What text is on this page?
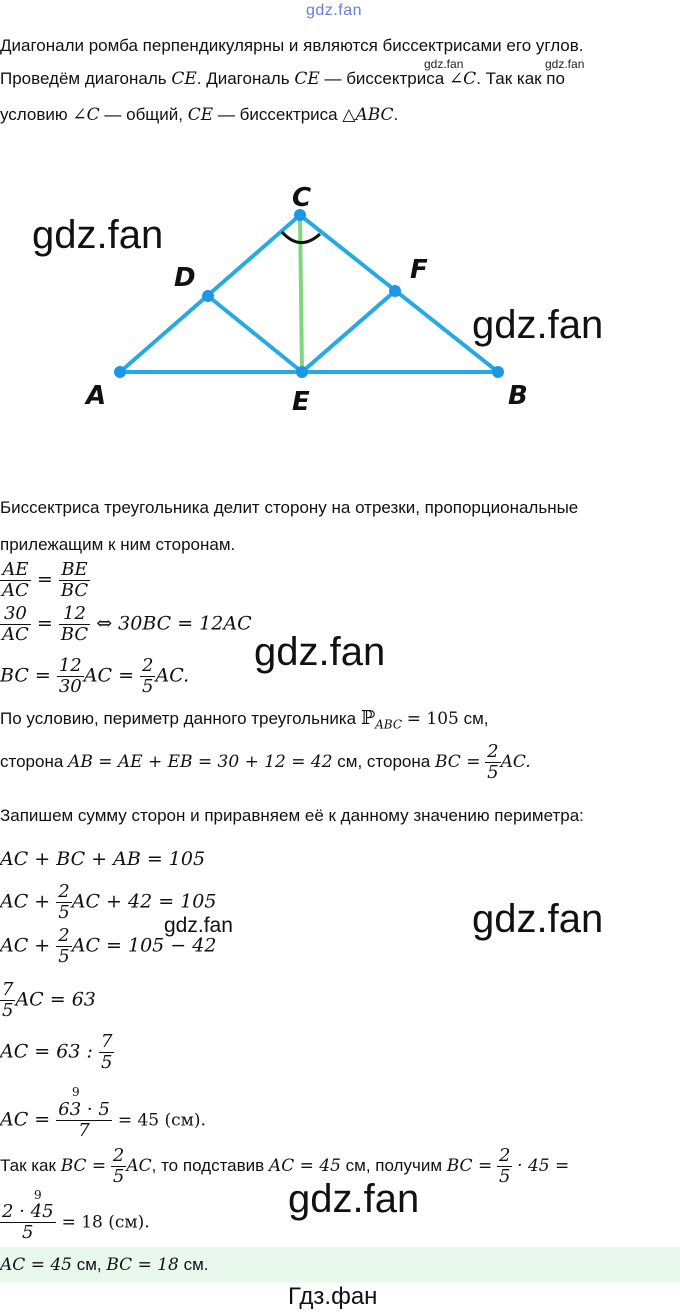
gdz.fan
Диагонали ромба перпендикулярны и являются биссектрисами его углов.
gdz.fan	gdz.fan
Проведём диагональ CE. Диагональ CE — биссектриса ∠C. Так как по
условию ∠C — общий, CE — биссектриса △ABC.
C
D	F
A	E	B
gdz.fan
gdz.fan
Биссектриса треугольника делит сторону на отрезки, пропорциональные
прилежащим к ним сторонам.
$\frac{AE}{AC} = \frac{BE}{BC}$
$\frac{30}{AC} = \frac{12}{BC}$ ⇔ 30BC = 12AC
gdz.fan
BC = $\frac{12}{30}$ AC = $\frac{2}{5}$ AC.
По условию, периметр данного треугольника ℙ$_{ABC}$ = 105 см,
сторона AB = AE + EB = 30 + 12 = 42 см, сторона BC = $\frac{2}{5}$ AC.
Запишем сумму сторон и приравняем её к данному значению периметра:
AC + BC + AB = 105
AC + $\frac{2}{5}$ AC + 42 = 105
gdz.fan	gdz.fan
AC + $\frac{2}{5}$ AC = 105 − 42
$\frac{7}{5}$ AC = 63
AC = 63 : $\frac{7}{5}$
9
AC = $\frac{63 \cdot 5}{7} = 45$ (см).
Так как BC = $\frac{2}{5}$ AC, то подставив AC = 45 см, получим BC = $\frac{2}{5} \cdot 45$ =
gdz.fan
9
$\frac{2 \cdot 45}{5} = 18$ (см).
AC = 45 см, BC = 18 см.
Гдз.фан
